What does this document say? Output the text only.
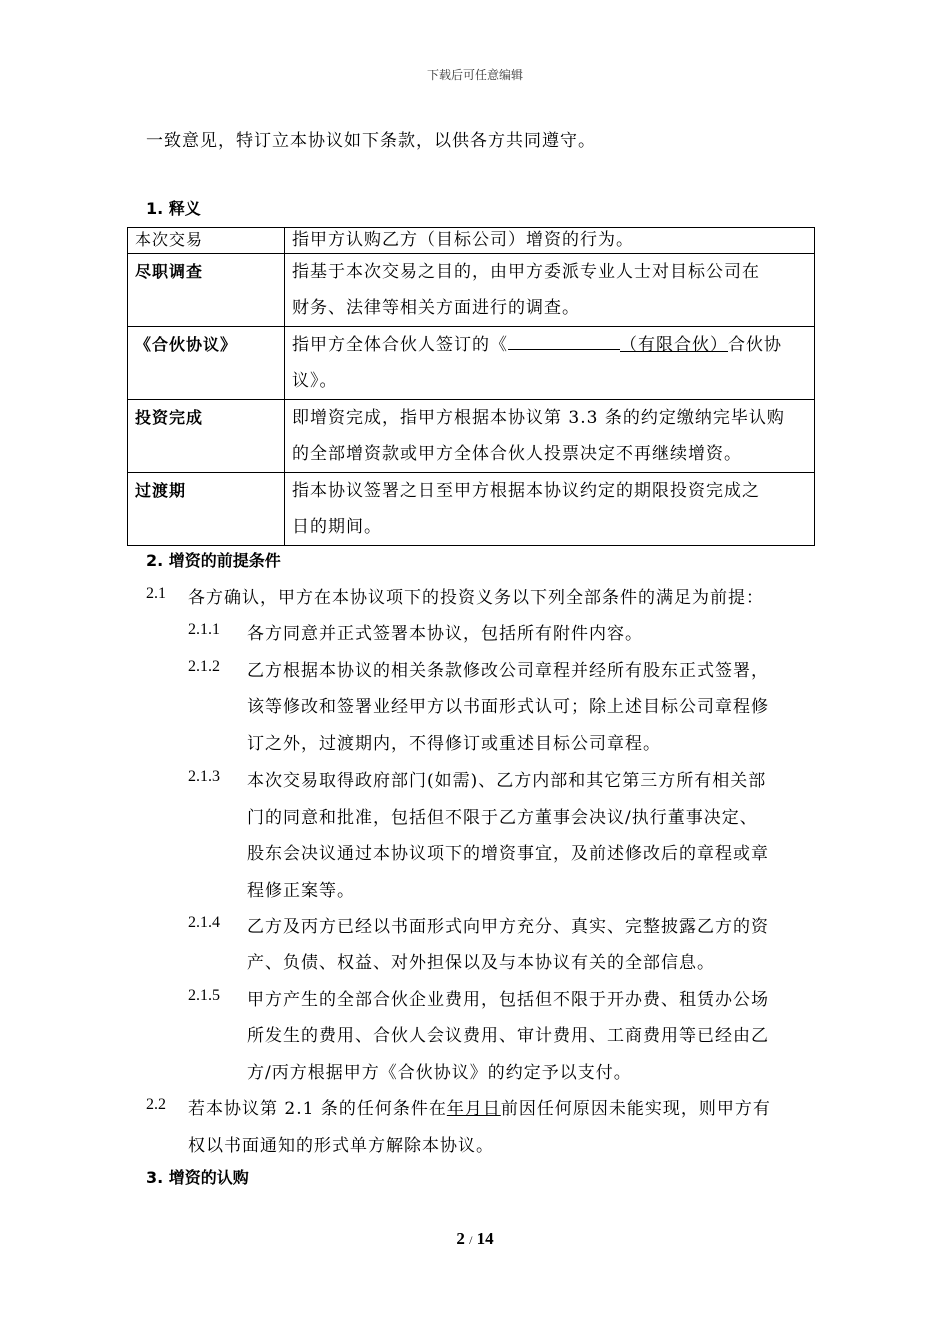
下载后可任意编辑
一致意见，特订立本协议如下条款，以供各方共同遵守。
1. 释义
本次交易	指甲方认购乙方（目标公司）增资的行为。
尽职调查	指基于本次交易之目的，由甲方委派专业人士对目标公司在
财务、法律等相关方面进行的调查。

《合伙协议》	指甲方全体合伙人签订的《 （有限合伙）合伙协
议》。

投资完成	即增资完成，指甲方根据本协议第 3.3 条的约定缴纳完毕认购
的全部增资款或甲方全体合伙人投票决定不再继续增资。

过渡期	指本协议签署之日至甲方根据本协议约定的期限投资完成之
日的期间。
2. 增资的前提条件
2.1 各方确认，甲方在本协议项下的投资义务以下列全部条件的满足为前提：
2.1.1 各方同意并正式签署本协议，包括所有附件内容。
2.1.2 乙方根据本协议的相关条款修改公司章程并经所有股东正式签署，
该等修改和签署业经甲方以书面形式认可；除上述目标公司章程修
订之外，过渡期内，不得修订或重述目标公司章程。
2.1.3 本次交易取得政府部门(如需)、乙方内部和其它第三方所有相关部
门的同意和批准，包括但不限于乙方董事会决议/执行董事决定、
股东会决议通过本协议项下的增资事宜，及前述修改后的章程或章
程修正案等。
2.1.4 乙方及丙方已经以书面形式向甲方充分、真实、完整披露乙方的资
产、负债、权益、对外担保以及与本协议有关的全部信息。
2.1.5 甲方产生的全部合伙企业费用，包括但不限于开办费、租赁办公场
所发生的费用、合伙人会议费用、审计费用、工商费用等已经由乙
方/丙方根据甲方《合伙协议》的约定予以支付。
2.2 若本协议第 2.1 条的任何条件在年月日前因任何原因未能实现，则甲方有
权以书面通知的形式单方解除本协议。
3. 增资的认购
2 / 14
